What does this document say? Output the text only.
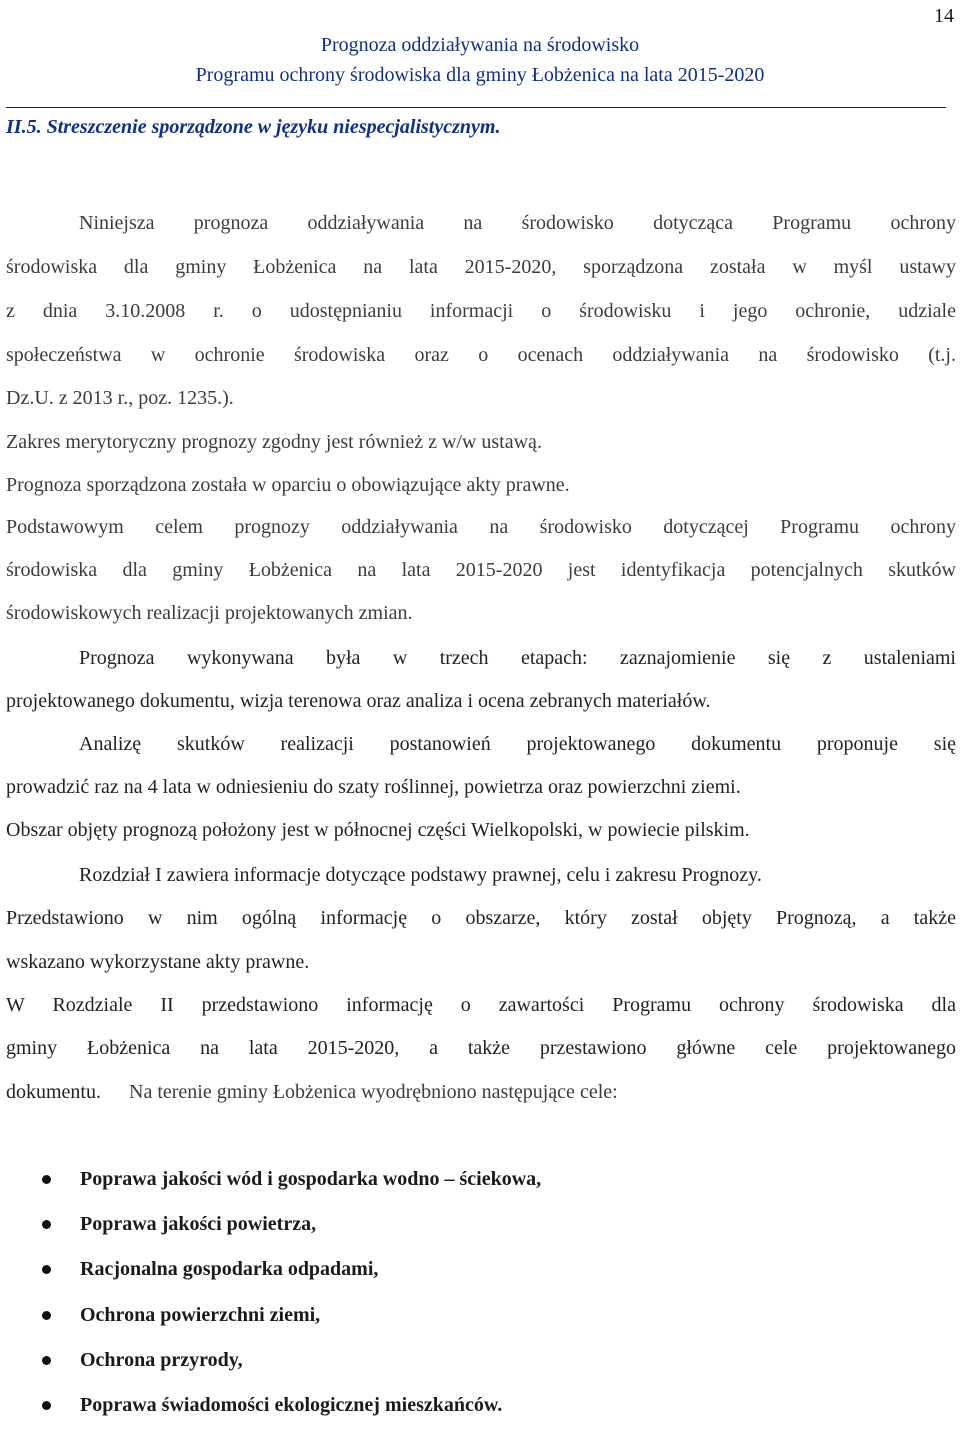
14
Prognoza oddziaływania na środowisko
Programu ochrony środowiska dla gminy Łobżenica na lata 2015-2020
II.5. Streszczenie sporządzone w języku niespecjalistycznym.
Niniejsza prognoza oddziaływania na środowisko dotycząca Programu ochrony
środowiska dla gminy Łobżenica na lata 2015-2020, sporządzona została w myśl ustawy
z dnia 3.10.2008 r. o udostępnianiu informacji o środowisku i jego ochronie, udziale
społeczeństwa w ochronie środowiska oraz o ocenach oddziaływania na środowisko (t.j.
Dz.U. z 2013 r., poz. 1235.).
Zakres merytoryczny prognozy zgodny jest również z w/w ustawą.
Prognoza sporządzona została w oparciu o obowiązujące akty prawne.
Podstawowym celem prognozy oddziaływania na środowisko dotyczącej Programu ochrony
środowiska dla gminy Łobżenica na lata 2015-2020 jest identyfikacja potencjalnych skutków
środowiskowych realizacji projektowanych zmian.
Prognoza wykonywana była w trzech etapach: zaznajomienie się z ustaleniami
projektowanego dokumentu, wizja terenowa oraz analiza i ocena zebranych materiałów.
Analizę skutków realizacji postanowień projektowanego dokumentu proponuje się
prowadzić raz na 4 lata w odniesieniu do szaty roślinnej, powietrza oraz powierzchni ziemi.
Obszar objęty prognozą położony jest w północnej części Wielkopolski, w powiecie pilskim.
Rozdział I zawiera informacje dotyczące podstawy prawnej, celu i zakresu Prognozy.
Przedstawiono w nim ogólną informację o obszarze, który został objęty Prognozą, a także
wskazano wykorzystane akty prawne.
W Rozdziale II przedstawiono informację o zawartości Programu ochrony środowiska dla
gminy Łobżenica na lata 2015-2020, a także przestawiono główne cele projektowanego
dokumentu. Na terenie gminy Łobżenica wyodrębniono następujące cele:
Poprawa jakości wód i gospodarka wodno – ściekowa,
Poprawa jakości powietrza,
Racjonalna gospodarka odpadami,
Ochrona powierzchni ziemi,
Ochrona przyrody,
Poprawa świadomości ekologicznej mieszkańców.
